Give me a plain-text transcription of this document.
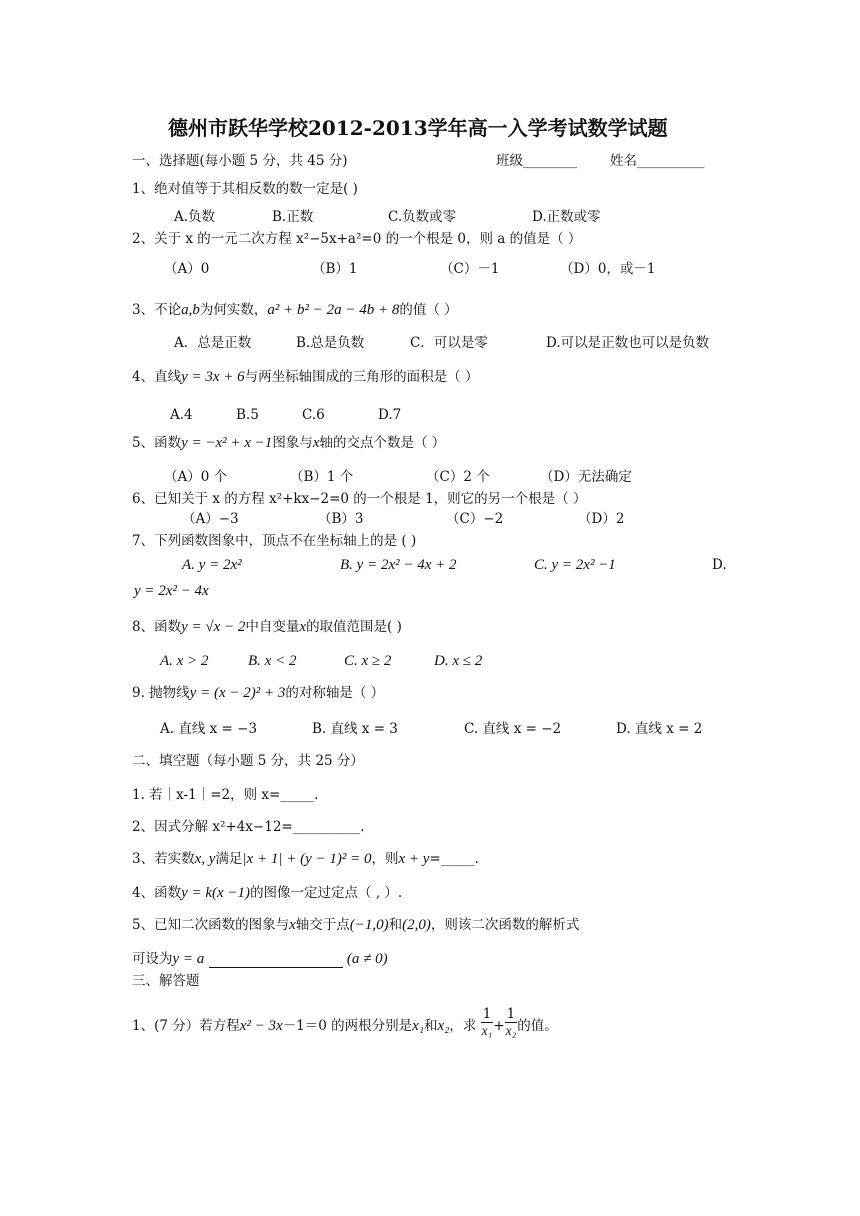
德州市跃华学校2012-2013学年高一入学考试数学试题
一、选择题(每小题 5 分，共 45 分)	班级________ 姓名__________
1、绝对值等于其相反数的数一定是( )
A.负数	B.正数	C.负数或零	D.正数或零
2、关于 x 的一元二次方程 x²−5x+a²=0 的一个根是 0，则 a 的值是（ ）
（A）0	（B）1	（C）－1	（D）0，或－1
3、不论a,b为何实数，a² + b² − 2a − 4b + 8的值（ ）
A．总是正数	B.总是负数	C．可以是零	D.可以是正数也可以是负数
4、直线y = 3x + 6与两坐标轴围成的三角形的面积是（ ）
A.4	B.5	C.6	D.7
5、函数y = −x² + x −1图象与x轴的交点个数是（ ）
（A）0 个	（B）1 个	（C）2 个	（D）无法确定
6、已知关于 x 的方程 x²+kx−2=0 的一个根是 1，则它的另一个根是（ ）
（A）−3	（B）3	（C）−2	（D）2
7、下列函数图象中，顶点不在坐标轴上的是 ( )
A. y = 2x²	B. y = 2x² − 4x + 2	C. y = 2x² −1	D.
y = 2x² − 4x
8、函数y = √x − 2中自变量x的取值范围是( )
A. x > 2	B. x < 2	C. x ≥ 2	D. x ≤ 2
9. 抛物线y = (x − 2)² + 3的对称轴是（ ）
A. 直线 x = −3	B. 直线 x = 3	C. 直线 x = −2	D. 直线 x = 2
二、填空题（每小题 5 分，共 25 分）
1. 若｜x-1｜=2，则 x=_____.
2、因式分解 x²+4x−12=__________.
3、若实数x, y满足|x + 1| + (y − 1)² = 0，则x + y=_____.
4、函数y = k(x −1)的图像一定过定点（ , ）.
5、已知二次函数的图象与x轴交于点(−1,0)和(2,0)，则该二次函数的解析式
可设为y = a	(a ≠ 0)
三、解答题
1、(7 分）若方程x² − 3x－1＝0 的两根分别是x₁和x₂，求 $\frac{1}{\text{x₁}} + \frac{1}{\text{x₂}}$ 的值。
